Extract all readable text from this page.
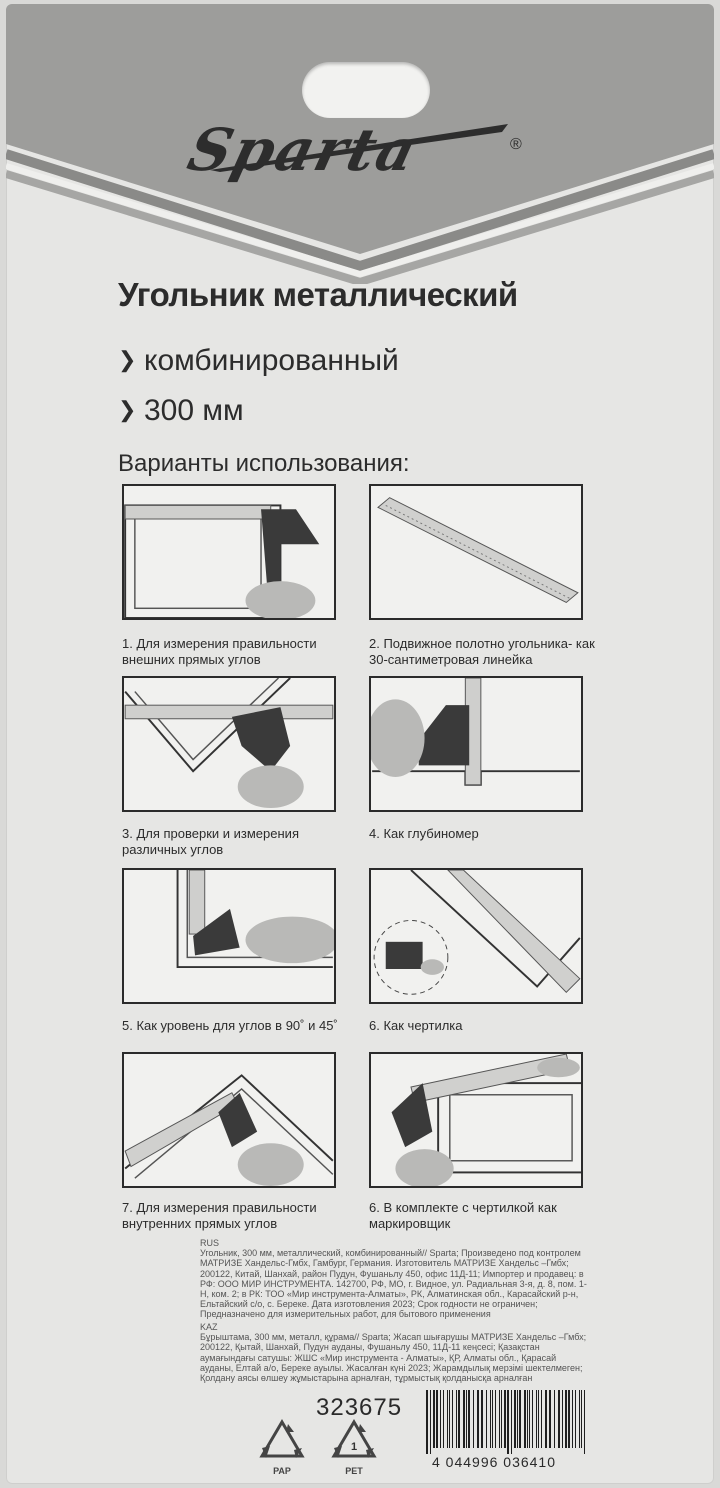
Sparta	®
Угольник металлический
❯ комбинированный
❯ 300 мм
Варианты использования:
1. Для измерения правильности внешних прямых углов
2. Подвижное полотно угольника- как 30-сантиметровая линейка
3. Для проверки и измерения различных углов
4. Как глубиномер
5. Как уровень для углов в 90˚ и 45˚	6. Как чертилка
7. Для измерения правильности внутренних прямых углов
6. В комплекте с чертилкой как маркировщик
RUS
Угольник, 300 мм, металлический, комбинированный// Sparta; Произведено под контролем МАТРИЗЕ Хандельс-Гмбх, Гамбург, Германия. Изготовитель МАТРИЗЕ Хандельс –Гмбх; 200122, Китай, Шанхай, район Пудун, Фушаньлу 450, офис 11Д-11; Импортер и продавец: в РФ: ООО МИР ИНСТРУМЕНТА. 142700, РФ, МО, г. Видное, ул. Радиальная 3-я, д. 8, пом. 1-Н, ком. 2; в РК: ТОО «Мир инструмента-Алматы», РК, Алматинская обл., Карасайский р-н, Ельтайский с/о, с. Береке. Дата изготовления 2023; Срок годности не ограничен; Предназначено для измерительных работ, для бытового применения
KAZ
Бұрыштама, 300 мм, металл, құрама// Sparta; Жасап шығарушы МАТРИЗЕ Хандельс –Гмбх; 200122, Қытай, Шанхай, Пудун ауданы, Фушаньлу 450, 11Д-11 кеңсесі; Қазақстан аумағындағы сатушы: ЖШС «Мир инструмента - Алматы», ҚР, Алматы обл., Қарасай ауданы, Елтай а/о, Береке ауылы. Жасалған күні 2023; Жарамдылық мерзімі шектелмеген; Қолдану аясы өлшеу жұмыстарына арналған, тұрмыстық қолданысқа арналған
323675
PAP
1
PET
4 044996 036410
